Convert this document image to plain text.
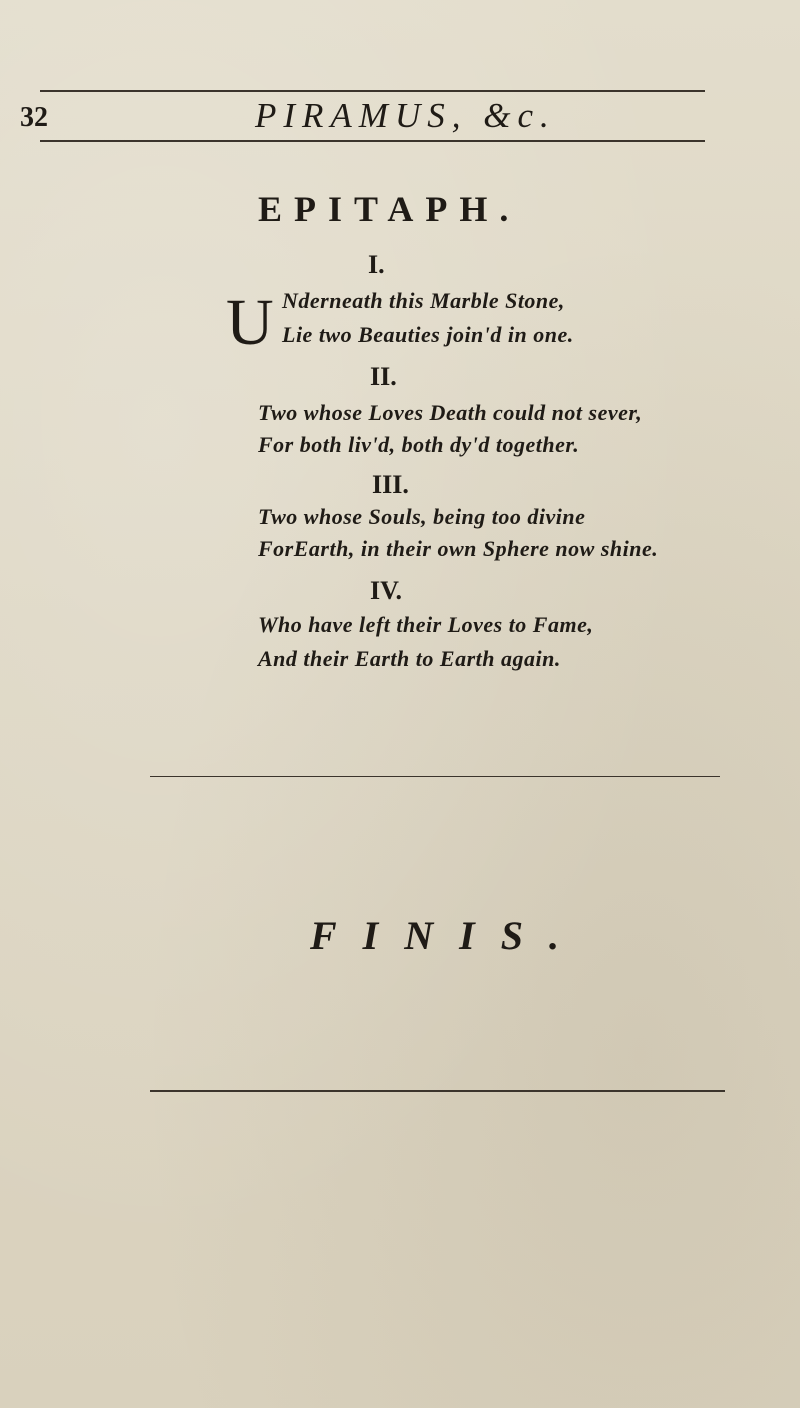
32	PIRAMUS, &c.
EPITAPH.
I.
U Nderneath this Marble Stone,
Lie two Beauties join'd in one.
II.
Two whose Loves Death could not sever,
For both liv'd, both dy'd together.
III.
Two whose Souls, being too divine
ForEarth, in their own Sphere now shine.
IV.
Who have left their Loves to Fame,
And their Earth to Earth again.
FINIS.
